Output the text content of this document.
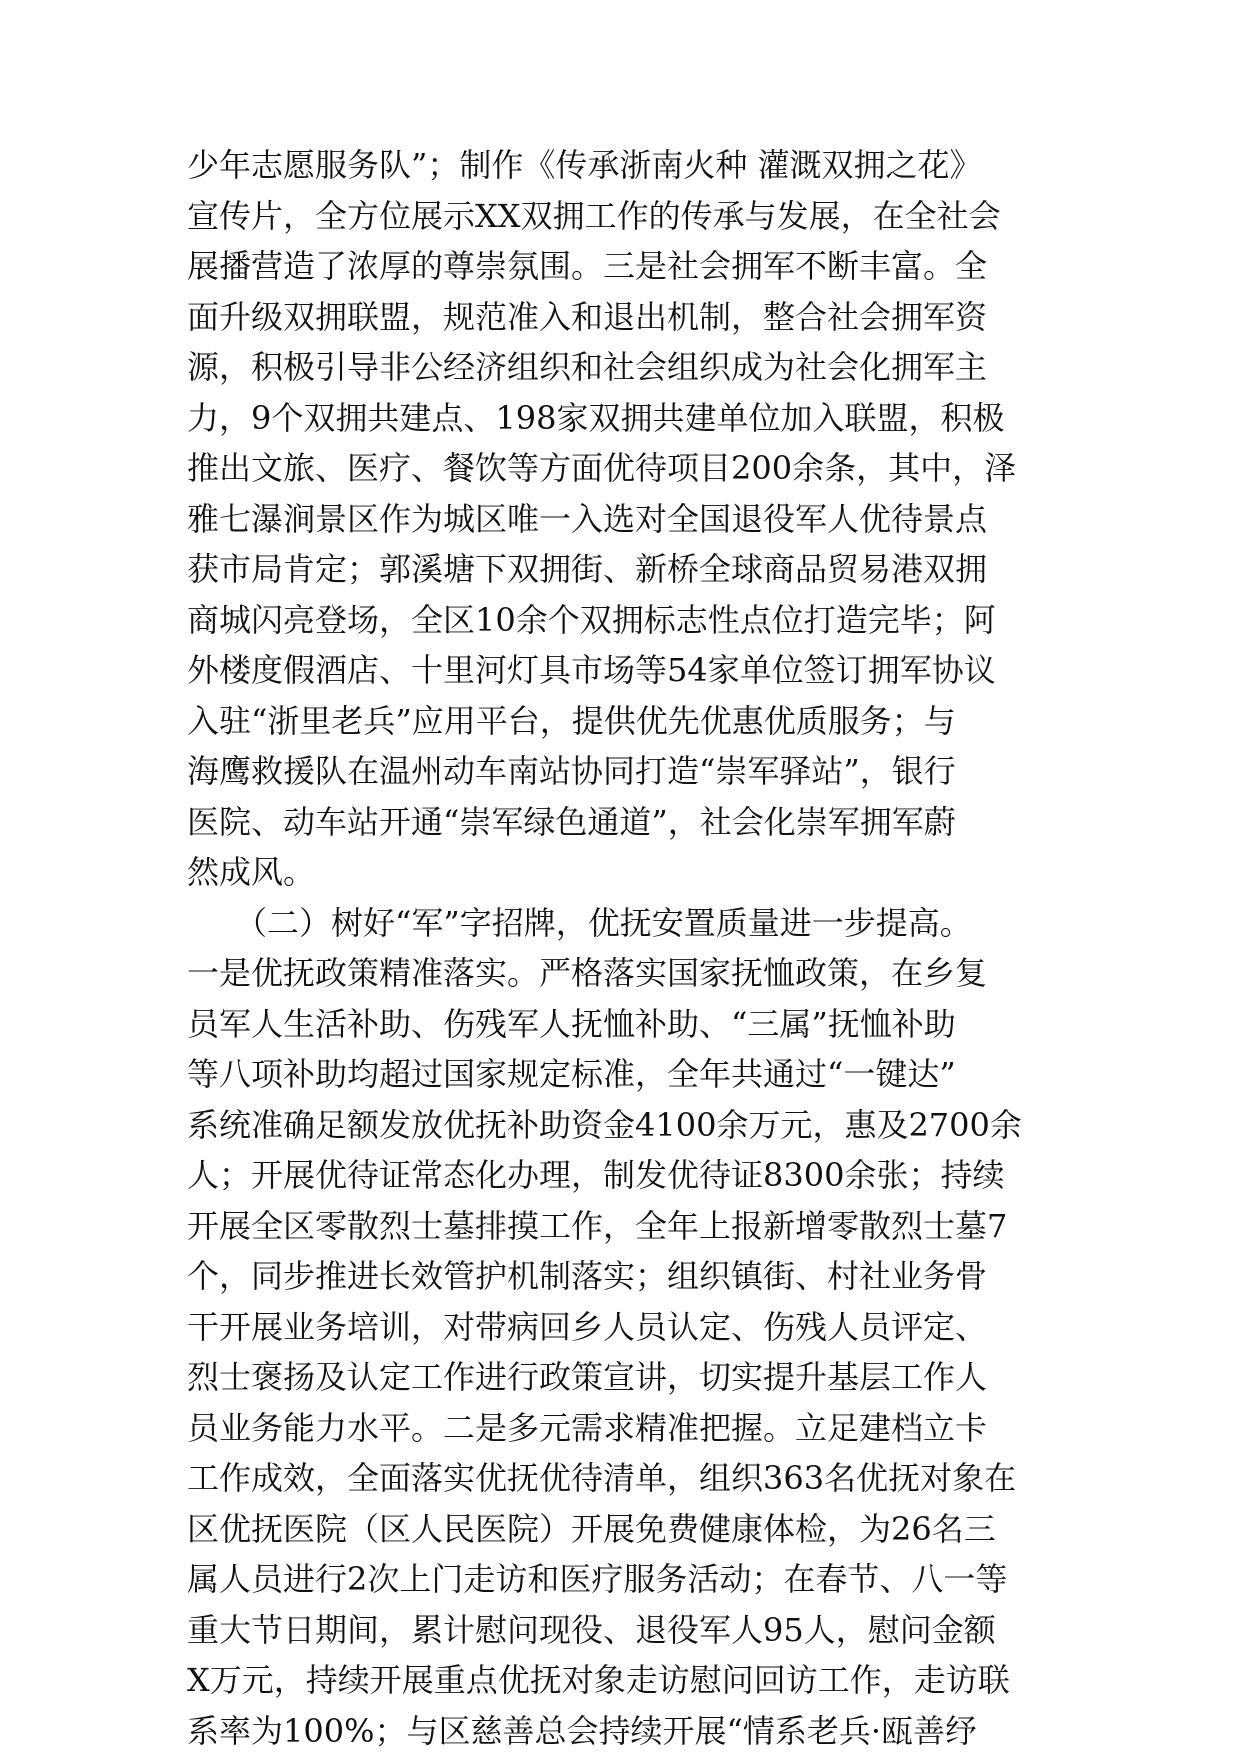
少年志愿服务队”；制作《传承浙南火种 灌溉双拥之花》
宣传片，全方位展示XX双拥工作的传承与发展，在全社会
展播营造了浓厚的尊崇氛围。三是社会拥军不断丰富。全
面升级双拥联盟，规范准入和退出机制，整合社会拥军资
源，积极引导非公经济组织和社会组织成为社会化拥军主
力，9个双拥共建点、198家双拥共建单位加入联盟，积极
推出文旅、医疗、餐饮等方面优待项目200余条，其中，泽
雅七瀑涧景区作为城区唯一入选对全国退役军人优待景点
获市局肯定；郭溪塘下双拥街、新桥全球商品贸易港双拥
商城闪亮登场，全区10余个双拥标志性点位打造完毕；阿
外楼度假酒店、十里河灯具市场等54家单位签订拥军协议
入驻“浙里老兵”应用平台，提供优先优惠优质服务；与
海鹰救援队在温州动车南站协同打造“崇军驿站”，银行
医院、动车站开通“崇军绿色通道”，社会化崇军拥军蔚
然成风。
　　（二）树好“军”字招牌，优抚安置质量进一步提高。
一是优抚政策精准落实。严格落实国家抚恤政策，在乡复
员军人生活补助、伤残军人抚恤补助、“三属”抚恤补助
等八项补助均超过国家规定标准，全年共通过“一键达”
系统准确足额发放优抚补助资金4100余万元，惠及2700余
人；开展优待证常态化办理，制发优待证8300余张；持续
开展全区零散烈士墓排摸工作，全年上报新增零散烈士墓7
个，同步推进长效管护机制落实；组织镇街、村社业务骨
干开展业务培训，对带病回乡人员认定、伤残人员评定、
烈士褒扬及认定工作进行政策宣讲，切实提升基层工作人
员业务能力水平。二是多元需求精准把握。立足建档立卡
工作成效，全面落实优抚优待清单，组织363名优抚对象在
区优抚医院（区人民医院）开展免费健康体检，为26名三
属人员进行2次上门走访和医疗服务活动；在春节、八一等
重大节日期间，累计慰问现役、退役军人95人，慰问金额
X万元，持续开展重点优抚对象走访慰问回访工作，走访联
系率为100%；与区慈善总会持续开展“情系老兵·瓯善纾
